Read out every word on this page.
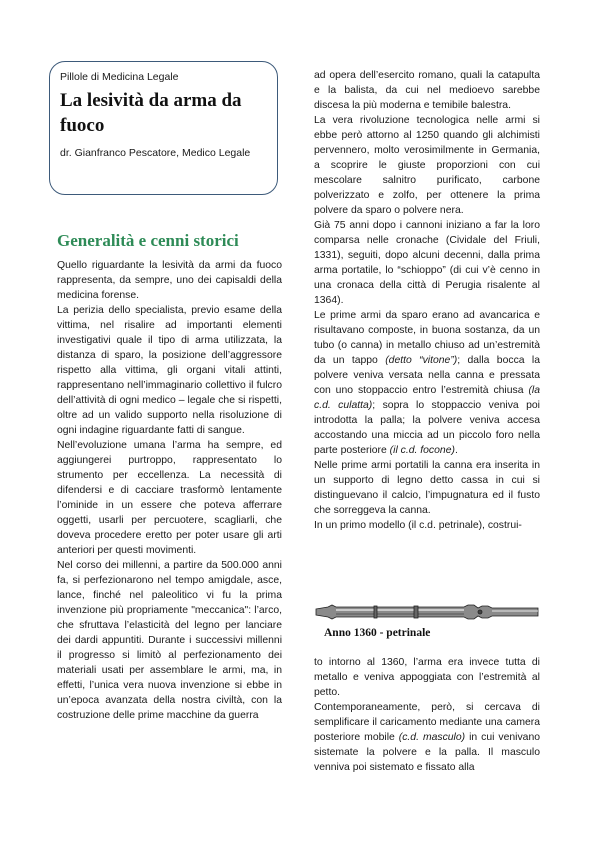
Pillole di Medicina Legale

La lesività da arma da fuoco

dr. Gianfranco Pescatore, Medico Legale

Generalità e cenni storici

Quello riguardante la lesività da armi da fuoco rappresenta, da sempre, uno dei capisaldi della medicina forense.

La perizia dello specialista, previo esame della vittima, nel risalire ad importanti elementi investigativi quale il tipo di arma utilizzata, la distanza di sparo, la posizione dell’aggressore rispetto alla vittima, gli organi vitali attinti, rappresentano nell’immaginario collettivo il fulcro dell’attività di ogni medico – legale che si rispetti, oltre ad un valido supporto nella risoluzione di ogni indagine riguardante fatti di sangue.

Nell’evoluzione umana l’arma ha sempre, ed aggiungerei purtroppo, rappresentato lo strumento per eccellenza. La necessità di difendersi e di cacciare trasformò lentamente l’ominide in un essere che poteva afferrare oggetti, usarli per percuotere, scagliarli, che doveva procedere eretto per poter usare gli arti anteriori per questi movimenti.

Nel corso dei millenni, a partire da 500.000 anni fa, si perfezionarono nel tempo amigdale, asce, lance, finché nel paleolitico vi fu la prima invenzione più propriamente "meccanica": l’arco, che sfruttava l’elasticità del legno per lanciare dei dardi appuntiti. Durante i successivi millenni il progresso si limitò al perfezionamento dei materiali usati per assemblare le armi, ma, in effetti, l’unica vera nuova invenzione si ebbe in un’epoca avanzata della nostra civiltà, con la costruzione delle prime macchine da guerra

ad opera dell’esercito romano, quali la catapulta e la balista, da cui nel medioevo sarebbe discesa la più moderna e temibile balestra.

La vera rivoluzione tecnologica nelle armi si ebbe però attorno al 1250 quando gli alchimisti pervennero, molto verosimilmente in Germania, a scoprire le giuste proporzioni con cui mescolare salnitro purificato, carbone polverizzato e zolfo, per ottenere la prima polvere da sparo o polvere nera.

Già 75 anni dopo i cannoni iniziano a far la loro comparsa nelle cronache (Cividale del Friuli, 1331), seguiti, dopo alcuni decenni, dalla prima arma portatile, lo “schioppo” (di cui v’è cenno in una cronaca della città di Perugia risalente al 1364).

Le prime armi da sparo erano ad avancarica e risultavano composte, in buona sostanza, da un tubo (o canna) in metallo chiuso ad un’estremità da un tappo (detto “vitone”); dalla bocca la polvere veniva versata nella canna e pressata con uno stoppaccio entro l’estremità chiusa (la c.d. culatta); sopra lo stoppaccio veniva poi introdotta la palla; la polvere veniva accesa accostando una miccia ad un piccolo foro nella parte posteriore (il c.d. focone).

Nelle prime armi portatili la canna era inserita in un supporto di legno detto cassa in cui si distinguevano il calcio, l’impugnatura ed il fusto che sorreggeva la canna.

In un primo modello (il c.d. petrinale), costrui-

Anno 1360 - petrinale

to intorno al 1360, l’arma era invece tutta di metallo e veniva appoggiata con l’estremità al petto.

Contemporaneamente, però, si cercava di semplificare il caricamento mediante una camera posteriore mobile (c.d. masculo) in cui venivano sistemate la polvere e la palla. Il masculo venniva poi sistemato e fissato alla
